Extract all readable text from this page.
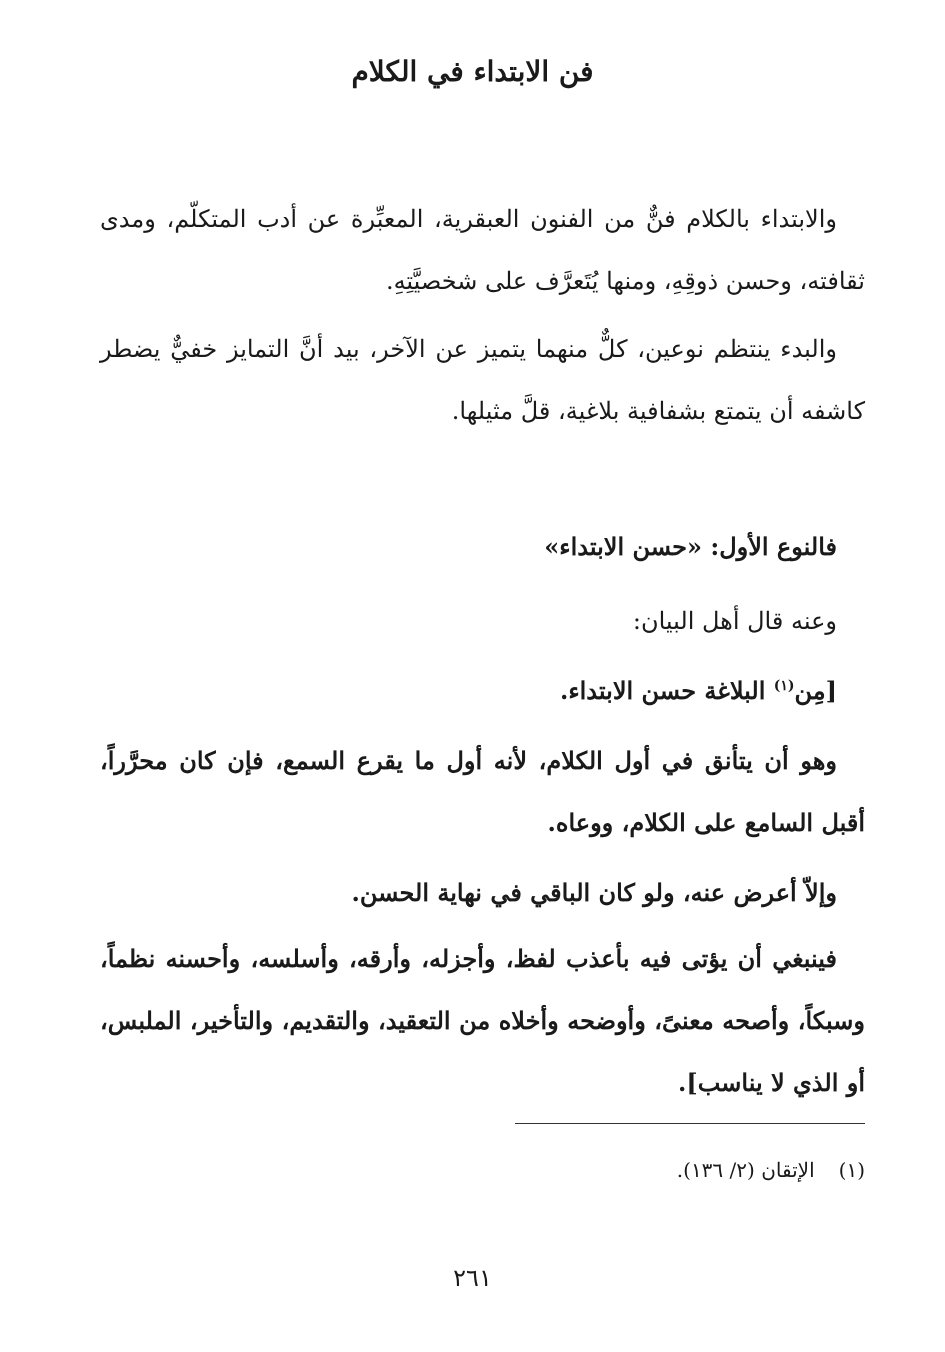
فن الابتداء في الكلام

والابتداء بالكلام فنٌّ من الفنون العبقرية، المعبِّرة عن أدب المتكلّم، ومدى ثقافته، وحسن ذوقِهِ، ومنها يُتَعرَّف على شخصيَّتِهِ.

والبدء ينتظم نوعين، كلٌّ منهما يتميز عن الآخر، بيد أنَّ التمايز خفيٌّ يضطر كاشفه أن يتمتع بشفافية بلاغية، قلَّ مثيلها.

فالنوع الأول: «حسن الابتداء»

وعنه قال أهل البيان:

[مِن$^{(١)}$ البلاغة حسن الابتداء.

وهو أن يتأنق في أول الكلام، لأنه أول ما يقرع السمع، فإن كان محرَّراً، أقبل السامع على الكلام، ووعاه.

وإلاّ أعرض عنه، ولو كان الباقي في نهاية الحسن.

فينبغي أن يؤتى فيه بأعذب لفظ، وأجزله، وأرقه، وأسلسه، وأحسنه نظماً، وسبكاً، وأصحه معنىً، وأوضحه وأخلاه من التعقيد، والتقديم، والتأخير، الملبس، أو الذي لا يناسب].

(١)الإتقان (٢/ ١٣٦).
٢٦١
